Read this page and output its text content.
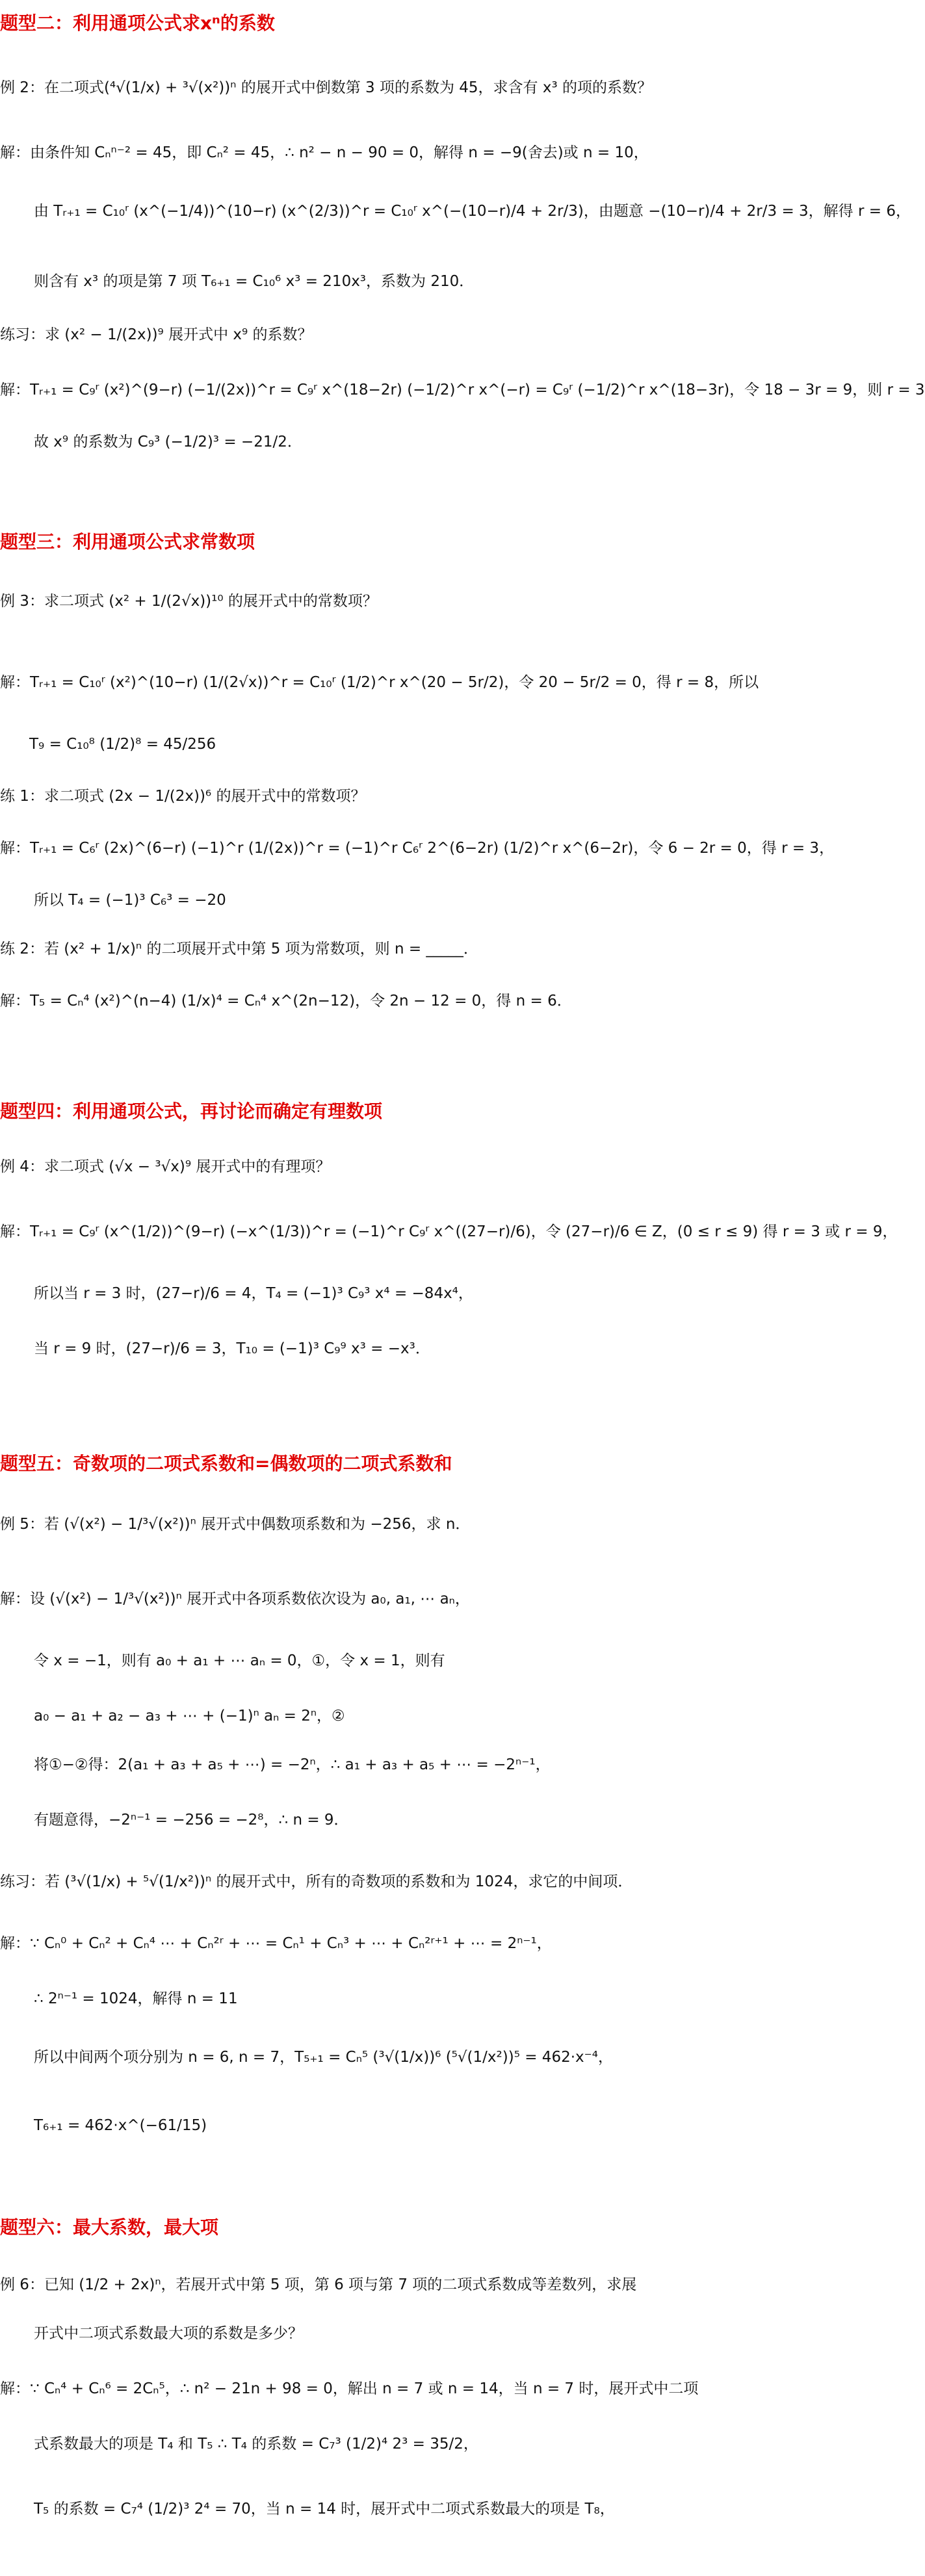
题型二：利用通项公式求xⁿ的系数
例 2：在二项式(⁴√(1/x) + ³√(x²))ⁿ 的展开式中倒数第 3 项的系数为 45，求含有 x³ 的项的系数？
解：由条件知 Cₙⁿ⁻² = 45，即 Cₙ² = 45，∴ n² − n − 90 = 0，解得 n = −9(舍去)或 n = 10，
由 Tᵣ₊₁ = C₁₀ʳ (x^(−1/4))^(10−r) (x^(2/3))^r = C₁₀ʳ x^(−(10−r)/4 + 2r/3)，由题意 −(10−r)/4 + 2r/3 = 3，解得 r = 6，
则含有 x³ 的项是第 7 项 T₆₊₁ = C₁₀⁶ x³ = 210x³，系数为 210．
练习：求 (x² − 1/(2x))⁹ 展开式中 x⁹ 的系数？
解：Tᵣ₊₁ = C₉ʳ (x²)^(9−r) (−1/(2x))^r = C₉ʳ x^(18−2r) (−1/2)^r x^(−r) = C₉ʳ (−1/2)^r x^(18−3r)，令 18 − 3r = 9，则 r = 3
故 x⁹ 的系数为 C₉³ (−1/2)³ = −21/2．
题型三：利用通项公式求常数项
例 3：求二项式 (x² + 1/(2√x))¹⁰ 的展开式中的常数项？
解：Tᵣ₊₁ = C₁₀ʳ (x²)^(10−r) (1/(2√x))^r = C₁₀ʳ (1/2)^r x^(20 − 5r/2)，令 20 − 5r/2 = 0，得 r = 8，所以
T₉ = C₁₀⁸ (1/2)⁸ = 45/256
练 1：求二项式 (2x − 1/(2x))⁶ 的展开式中的常数项？
解：Tᵣ₊₁ = C₆ʳ (2x)^(6−r) (−1)^r (1/(2x))^r = (−1)^r C₆ʳ 2^(6−2r) (1/2)^r x^(6−2r)，令 6 − 2r = 0，得 r = 3，
所以 T₄ = (−1)³ C₆³ = −20
练 2：若 (x² + 1/x)ⁿ 的二项展开式中第 5 项为常数项，则 n = _____．
解：T₅ = Cₙ⁴ (x²)^(n−4) (1/x)⁴ = Cₙ⁴ x^(2n−12)，令 2n − 12 = 0，得 n = 6．
题型四：利用通项公式，再讨论而确定有理数项
例 4：求二项式 (√x − ³√x)⁹ 展开式中的有理项？
解：Tᵣ₊₁ = C₉ʳ (x^(1/2))^(9−r) (−x^(1/3))^r = (−1)^r C₉ʳ x^((27−r)/6)，令 (27−r)/6 ∈ Z，(0 ≤ r ≤ 9) 得 r = 3 或 r = 9，
所以当 r = 3 时，(27−r)/6 = 4，T₄ = (−1)³ C₉³ x⁴ = −84x⁴，
当 r = 9 时，(27−r)/6 = 3，T₁₀ = (−1)³ C₉⁹ x³ = −x³．
题型五：奇数项的二项式系数和=偶数项的二项式系数和
例 5：若 (√(x²) − 1/³√(x²))ⁿ 展开式中偶数项系数和为 −256，求 n．
解：设 (√(x²) − 1/³√(x²))ⁿ 展开式中各项系数依次设为 a₀, a₁, ⋯ aₙ，
令 x = −1，则有 a₀ + a₁ + ⋯ aₙ = 0，①，令 x = 1，则有
a₀ − a₁ + a₂ − a₃ + ⋯ + (−1)ⁿ aₙ = 2ⁿ，②
将①−②得：2(a₁ + a₃ + a₅ + ⋯) = −2ⁿ，∴ a₁ + a₃ + a₅ + ⋯ = −2ⁿ⁻¹，
有题意得，−2ⁿ⁻¹ = −256 = −2⁸，∴ n = 9．
练习：若 (³√(1/x) + ⁵√(1/x²))ⁿ 的展开式中，所有的奇数项的系数和为 1024，求它的中间项．
解：∵ Cₙ⁰ + Cₙ² + Cₙ⁴ ⋯ + Cₙ²ʳ + ⋯ = Cₙ¹ + Cₙ³ + ⋯ + Cₙ²ʳ⁺¹ + ⋯ = 2ⁿ⁻¹，
∴ 2ⁿ⁻¹ = 1024，解得 n = 11
所以中间两个项分别为 n = 6, n = 7，T₅₊₁ = Cₙ⁵ (³√(1/x))⁶ (⁵√(1/x²))⁵ = 462·x⁻⁴，
T₆₊₁ = 462·x^(−61/15)
题型六：最大系数，最大项
例 6：已知 (1/2 + 2x)ⁿ，若展开式中第 5 项，第 6 项与第 7 项的二项式系数成等差数列，求展
开式中二项式系数最大项的系数是多少？
解：∵ Cₙ⁴ + Cₙ⁶ = 2Cₙ⁵，∴ n² − 21n + 98 = 0，解出 n = 7 或 n = 14，当 n = 7 时，展开式中二项
式系数最大的项是 T₄ 和 T₅ ∴ T₄ 的系数 = C₇³ (1/2)⁴ 2³ = 35/2，
T₅ 的系数 = C₇⁴ (1/2)³ 2⁴ = 70，当 n = 14 时，展开式中二项式系数最大的项是 T₈，
